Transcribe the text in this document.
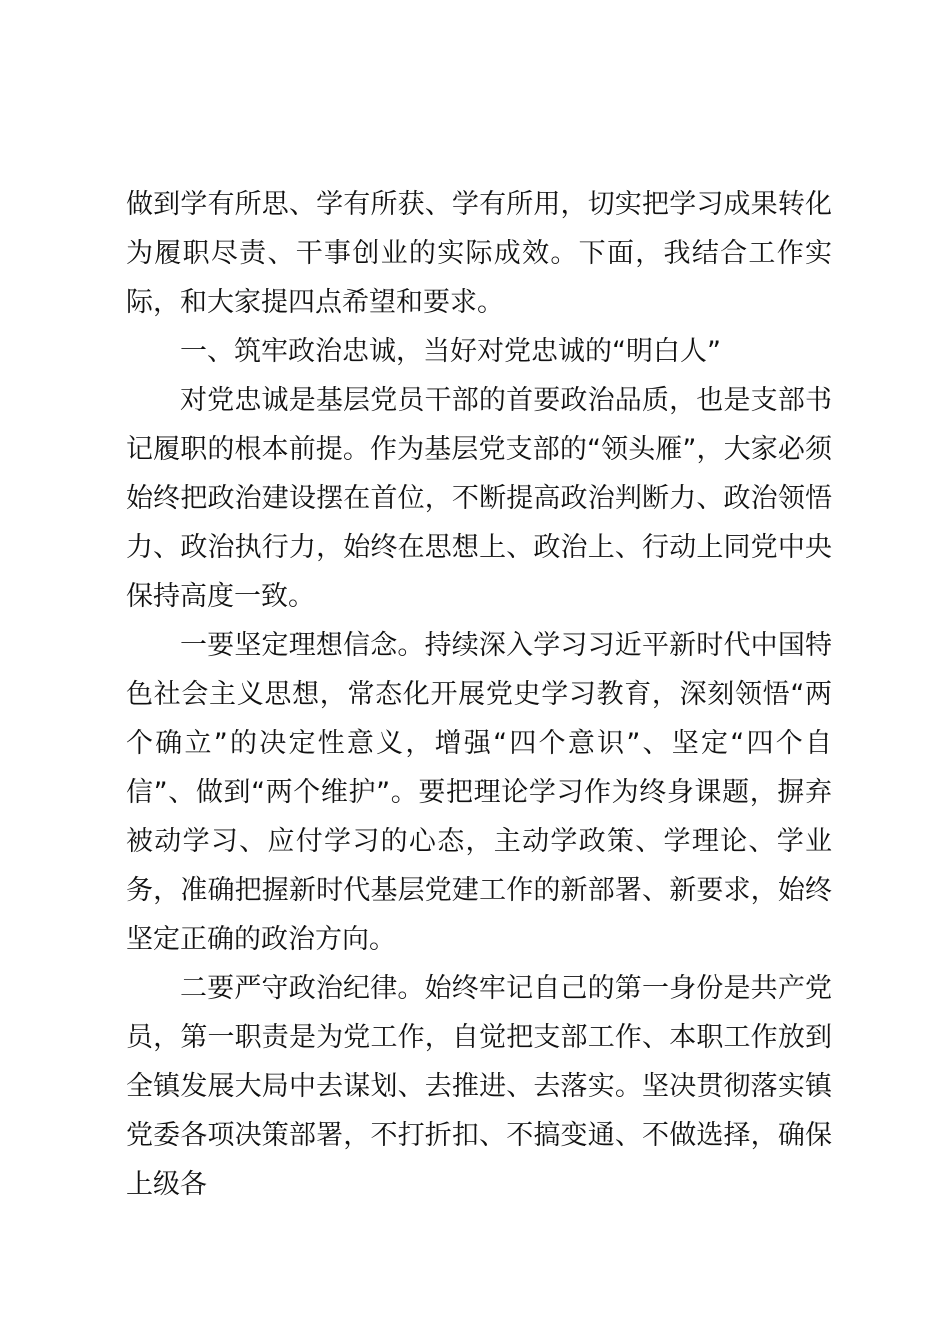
做到学有所思、学有所获、学有所用，切实把学习成果转化为履职尽责、干事创业的实际成效。下面，我结合工作实际，和大家提四点希望和要求。

一、筑牢政治忠诚，当好对党忠诚的“明白人”

对党忠诚是基层党员干部的首要政治品质，也是支部书记履职的根本前提。作为基层党支部的“领头雁”，大家必须始终把政治建设摆在首位，不断提高政治判断力、政治领悟力、政治执行力，始终在思想上、政治上、行动上同党中央保持高度一致。

一要坚定理想信念。持续深入学习习近平新时代中国特色社会主义思想，常态化开展党史学习教育，深刻领悟“两个确立”的决定性意义，增强“四个意识”、坚定“四个自信”、做到“两个维护”。要把理论学习作为终身课题，摒弃被动学习、应付学习的心态，主动学政策、学理论、学业务，准确把握新时代基层党建工作的新部署、新要求，始终坚定正确的政治方向。

二要严守政治纪律。始终牢记自己的第一身份是共产党员，第一职责是为党工作，自觉把支部工作、本职工作放到全镇发展大局中去谋划、去推进、去落实。坚决贯彻落实镇党委各项决策部署，不打折扣、不搞变通、不做选择，确保上级各
